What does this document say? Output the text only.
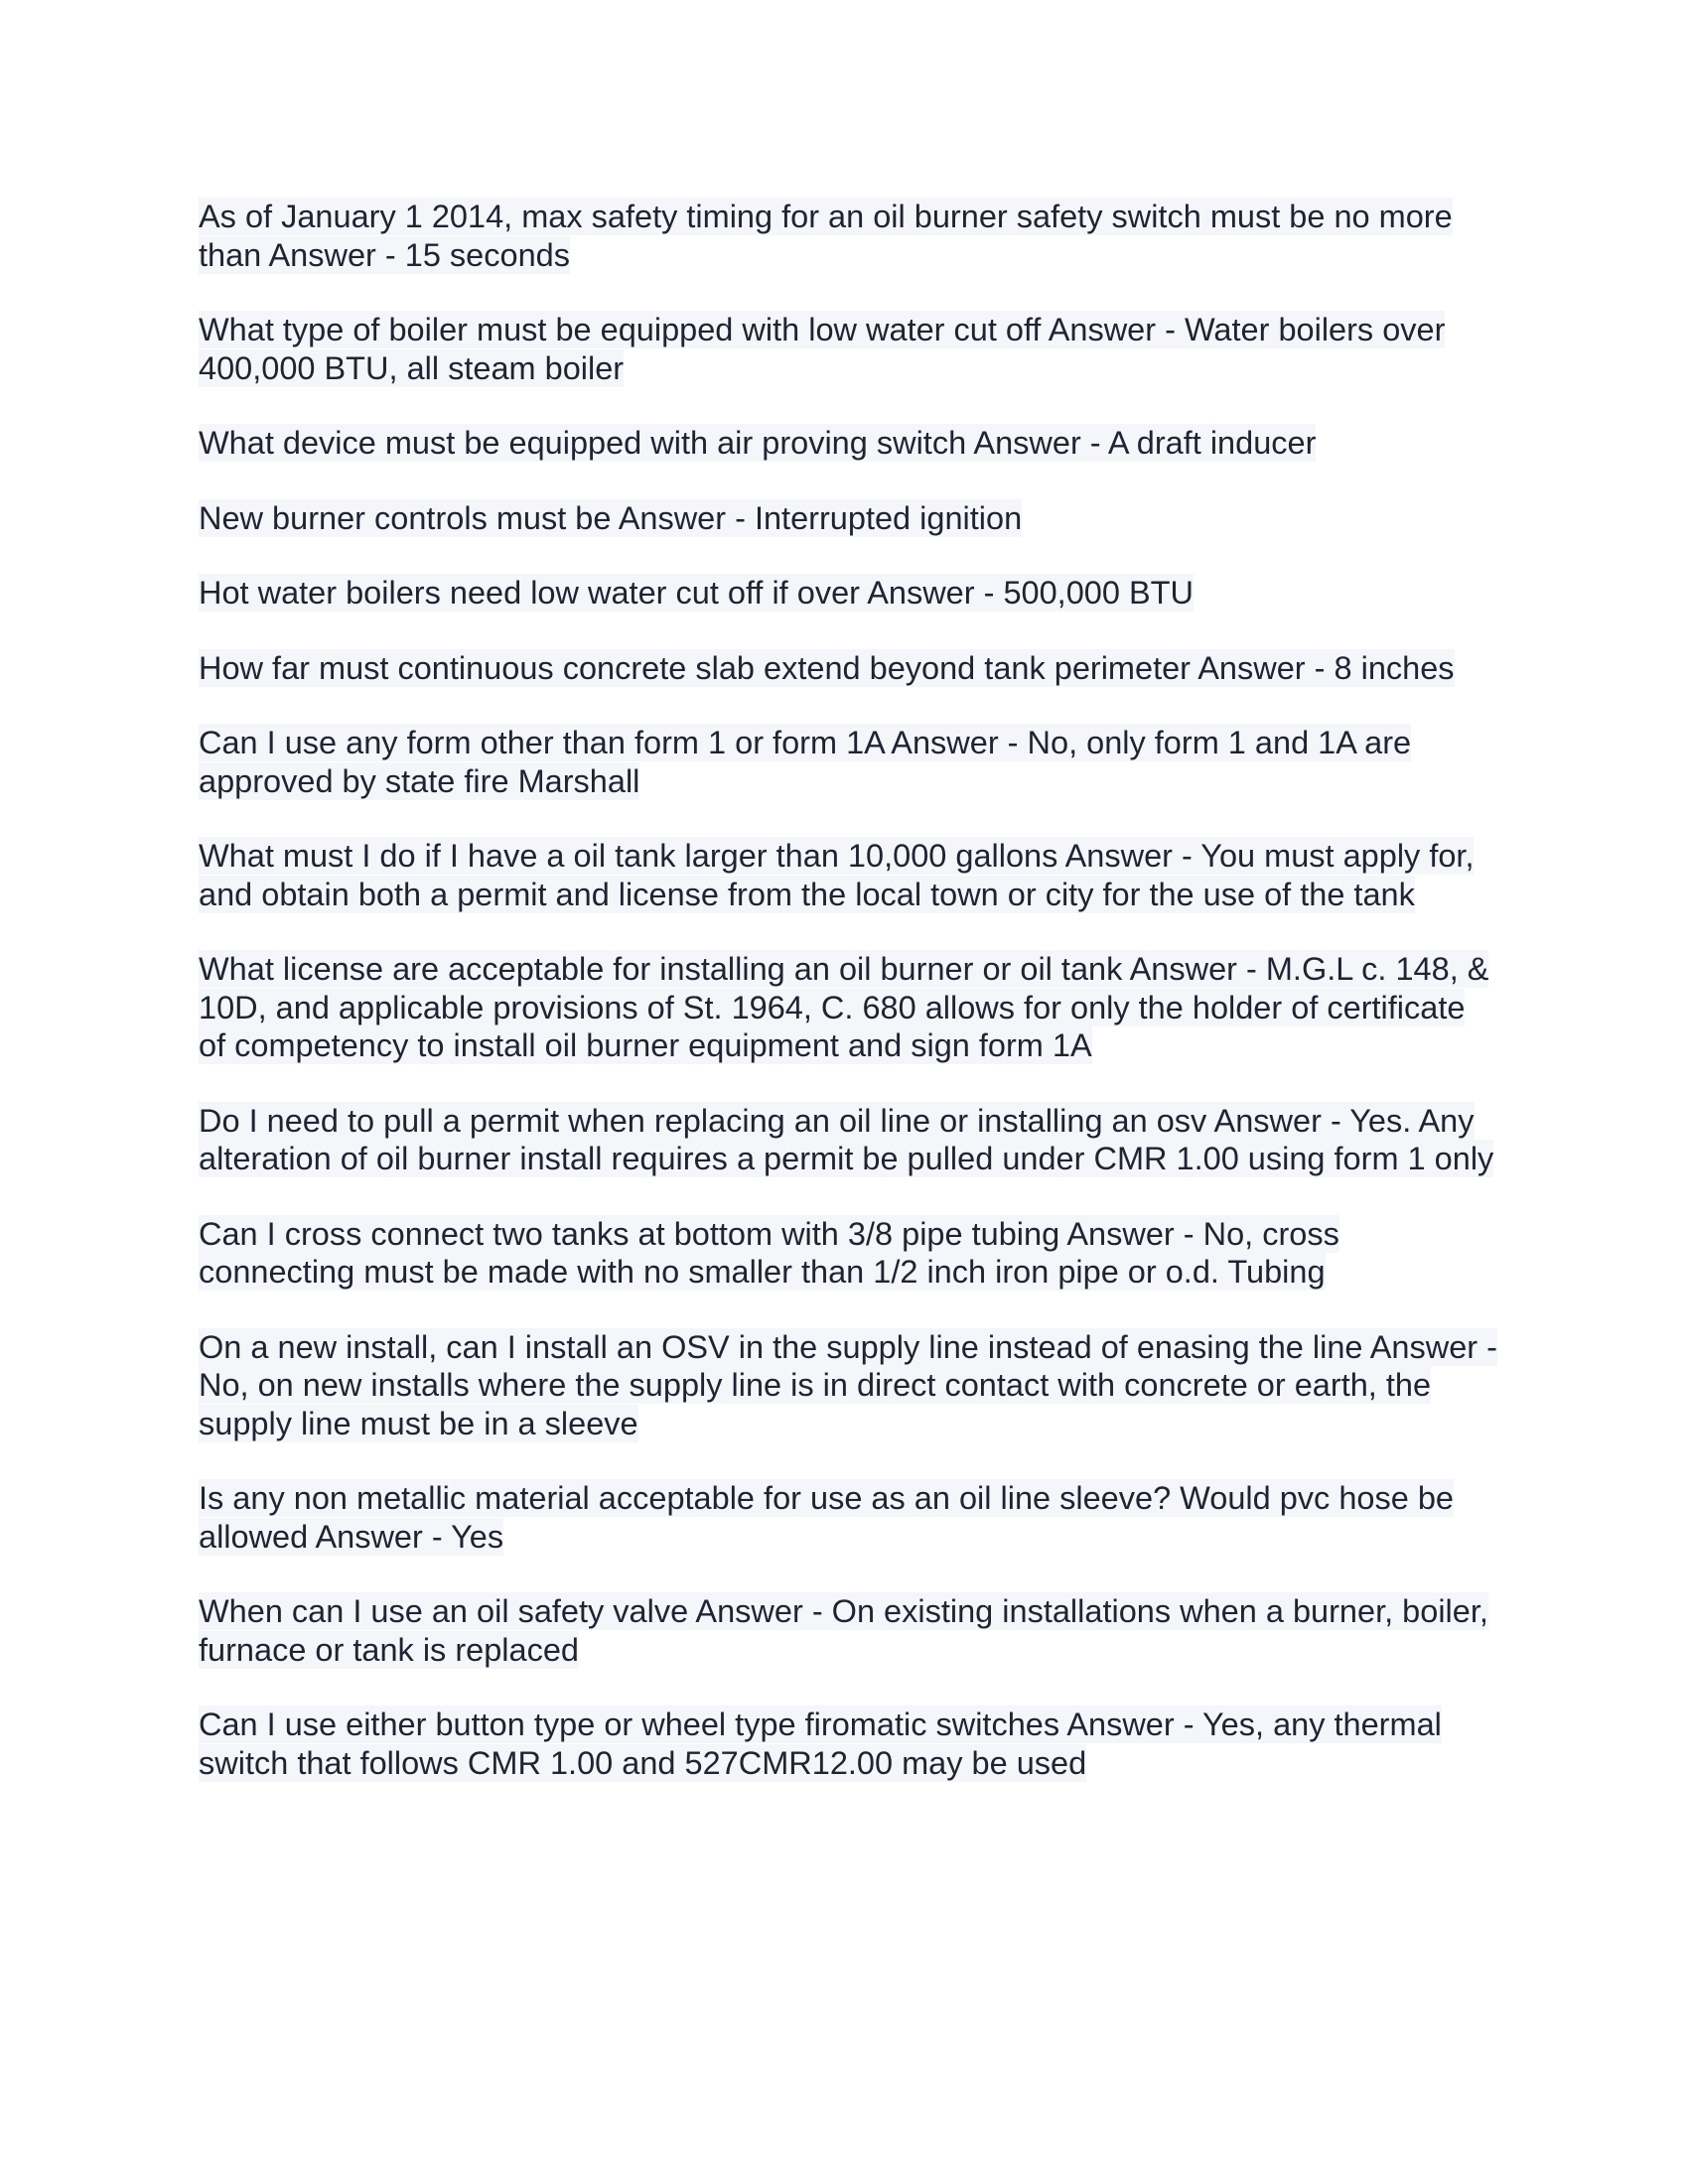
As of January 1 2014, max safety timing for an oil burner safety switch must be no more than Answer - 15 seconds
What type of boiler must be equipped with low water cut off Answer - Water boilers over 400,000 BTU, all steam boiler
What device must be equipped with air proving switch Answer - A draft inducer
New burner controls must be Answer - Interrupted ignition
Hot water boilers need low water cut off if over Answer - 500,000 BTU
How far must continuous concrete slab extend beyond tank perimeter Answer - 8 inches
Can I use any form other than form 1 or form 1A Answer - No, only form 1 and 1A are approved by state fire Marshall
What must I do if I have a oil tank larger than 10,000 gallons Answer - You must apply for, and obtain both a permit and license from the local town or city for the use of the tank
What license are acceptable for installing an oil burner or oil tank Answer - M.G.L c. 148, & 10D, and applicable provisions of St. 1964, C. 680 allows for only the holder of certificate of competency to install oil burner equipment and sign form 1A
Do I need to pull a permit when replacing an oil line or installing an osv Answer - Yes. Any alteration of oil burner install requires a permit be pulled under CMR 1.00 using form 1 only
Can I cross connect two tanks at bottom with 3/8 pipe tubing Answer - No, cross connecting must be made with no smaller than 1/2 inch iron pipe or o.d. Tubing
On a new install, can I install an OSV in the supply line instead of enasing the line Answer - No, on new installs where the supply line is in direct contact with concrete or earth, the supply line must be in a sleeve
Is any non metallic material acceptable for use as an oil line sleeve? Would pvc hose be allowed Answer - Yes
When can I use an oil safety valve Answer - On existing installations when a burner, boiler, furnace or tank is replaced
Can I use either button type or wheel type firomatic switches Answer - Yes, any thermal switch that follows CMR 1.00 and 527CMR12.00 may be used
